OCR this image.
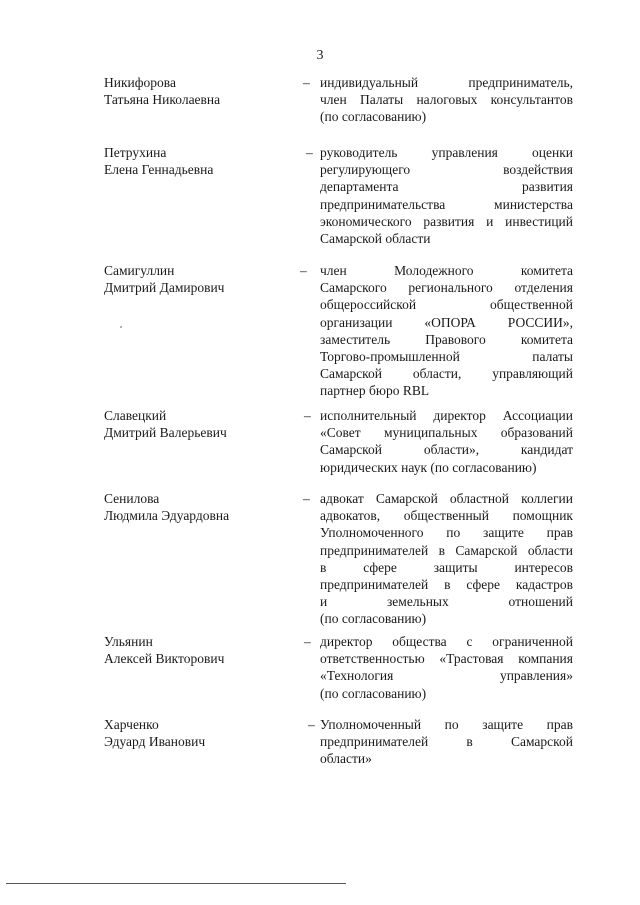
3
Никифорова
Татьяна Николаевна
– индивидуальный предприниматель,
член Палаты налоговых консультантов
(по согласованию)
Петрухина
Елена Геннадьевна
– руководитель управления оценки
регулирующего воздействия
департамента развития
предпринимательства министерства
экономического развития и инвестиций
Самарской области
Самигуллин
Дмитрий Дамирович
– член Молодежного комитета
Самарского регионального отделения
общероссийской общественной
организации «ОПОРА РОССИИ»,
заместитель Правового комитета
Торгово-промышленной палаты
Самарской области, управляющий
партнер бюро RBL
Славецкий
Дмитрий Валерьевич
– исполнительный директор Ассоциации
«Совет муниципальных образований
Самарской области», кандидат
юридических наук (по согласованию)
Сенилова
Людмила Эдуардовна
– адвокат Самарской областной коллегии
адвокатов, общественный помощник
Уполномоченного по защите прав
предпринимателей в Самарской области
в сфере защиты интересов
предпринимателей в сфере кадастров
и земельных отношений
(по согласованию)
Ульянин
Алексей Викторович
– директор общества с ограниченной
ответственностью «Трастовая компания
«Технология управления»
(по согласованию)
Харченко
Эдуард Иванович
– Уполномоченный по защите прав
предпринимателей в Самарской
области»
